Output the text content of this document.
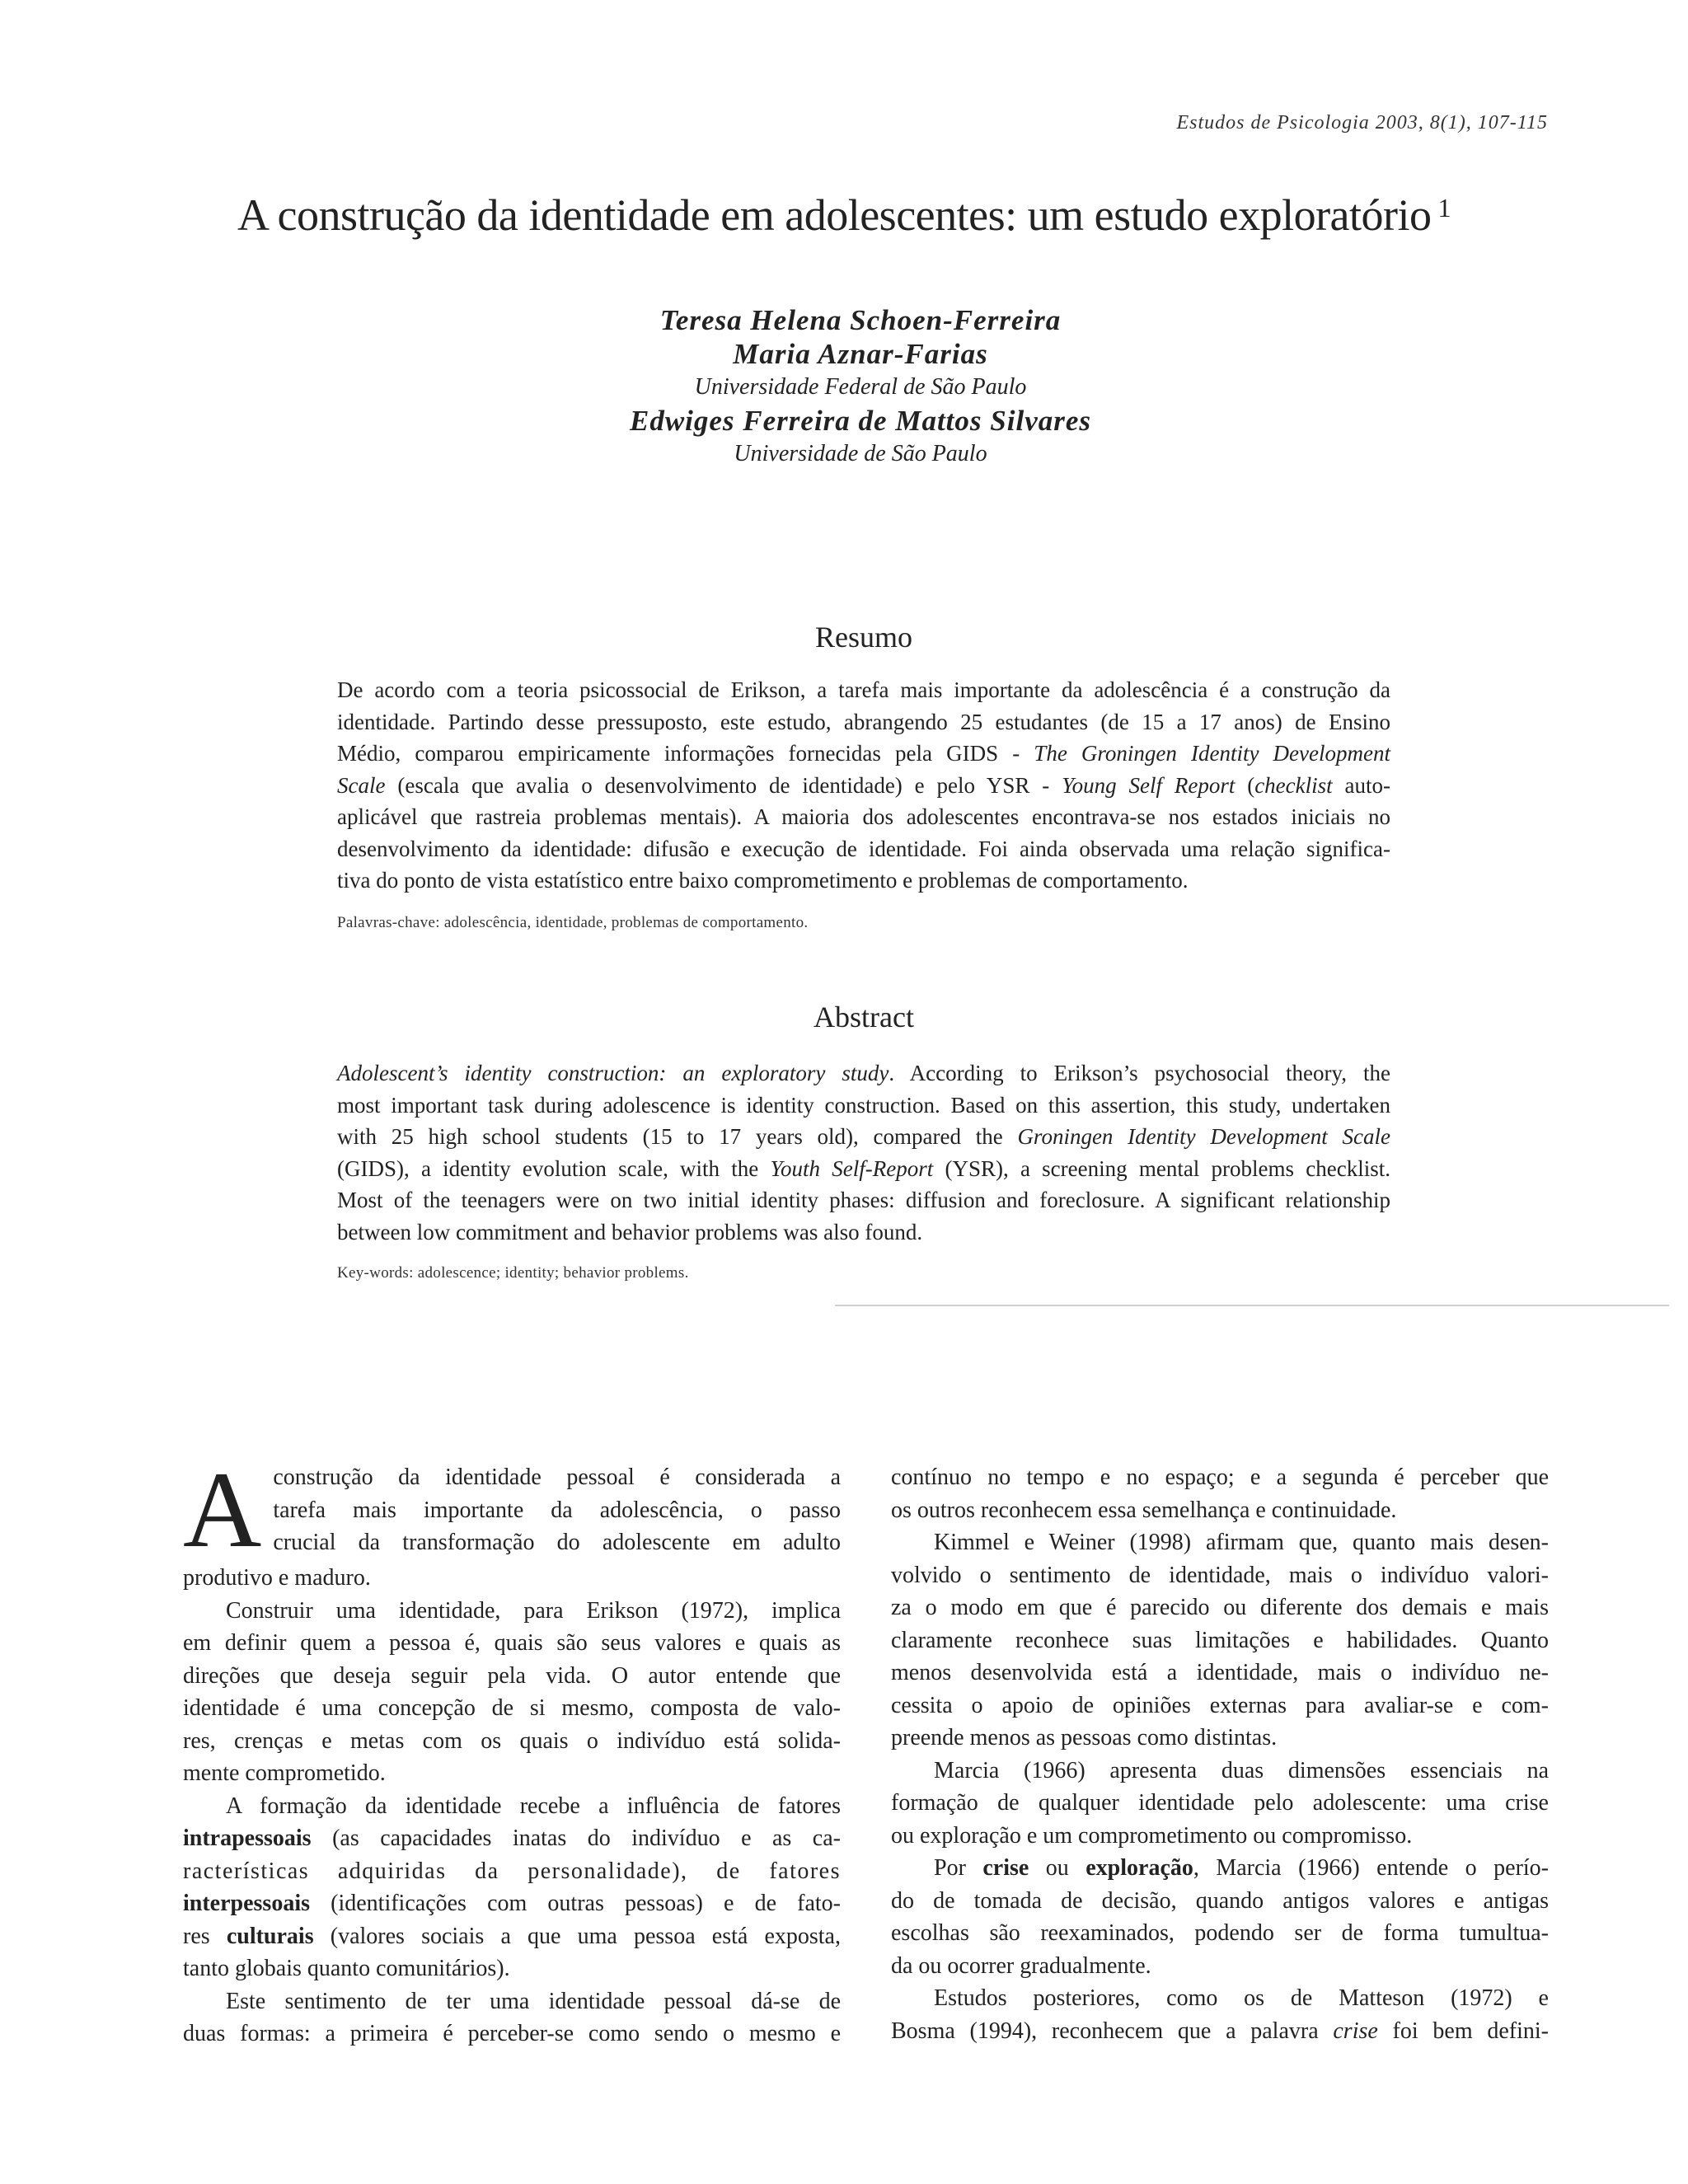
Estudos de Psicologia 2003, 8(1), 107-115
A construção da identidade em adolescentes: um estudo exploratório $^1$
Teresa Helena Schoen-Ferreira
Maria Aznar-Farias
Universidade Federal de São Paulo
Edwiges Ferreira de Mattos Silvares
Universidade de São Paulo
Resumo
De acordo com a teoria psicossocial de Erikson, a tarefa mais importante da adolescência é a construção da
identidade. Partindo desse pressuposto, este estudo, abrangendo 25 estudantes (de 15 a 17 anos) de Ensino
Médio, comparou empiricamente informações fornecidas pela GIDS - The Groningen Identity Development
Scale (escala que avalia o desenvolvimento de identidade) e pelo YSR - Young Self Report (checklist auto-
aplicável que rastreia problemas mentais). A maioria dos adolescentes encontrava-se nos estados iniciais no
desenvolvimento da identidade: difusão e execução de identidade. Foi ainda observada uma relação significa-
tiva do ponto de vista estatístico entre baixo comprometimento e problemas de comportamento.
Palavras-chave: adolescência, identidade, problemas de comportamento.
Abstract
Adolescent’s identity construction: an exploratory study. According to Erikson’s psychosocial theory, the
most important task during adolescence is identity construction. Based on this assertion, this study, undertaken
with 25 high school students (15 to 17 years old), compared the Groningen Identity Development Scale
(GIDS), a identity evolution scale, with the Youth Self-Report (YSR), a screening mental problems checklist.
Most of the teenagers were on two initial identity phases: diffusion and foreclosure. A significant relationship
between low commitment and behavior problems was also found.
Key-words: adolescence; identity; behavior problems.
A construção da identidade pessoal é considerada a
tarefa mais importante da adolescência, o passo
crucial da transformação do adolescente em adulto
produtivo e maduro.
Construir uma identidade, para Erikson (1972), implica
em definir quem a pessoa é, quais são seus valores e quais as
direções que deseja seguir pela vida. O autor entende que
identidade é uma concepção de si mesmo, composta de valo-
res, crenças e metas com os quais o indivíduo está solida-
mente comprometido.
A formação da identidade recebe a influência de fatores
intrapessoais (as capacidades inatas do indivíduo e as ca-
racterísticas adquiridas da personalidade), de fatores
interpessoais (identificações com outras pessoas) e de fato-
res culturais (valores sociais a que uma pessoa está exposta,
tanto globais quanto comunitários).
Este sentimento de ter uma identidade pessoal dá-se de
duas formas: a primeira é perceber-se como sendo o mesmo e
contínuo no tempo e no espaço; e a segunda é perceber que
os outros reconhecem essa semelhança e continuidade.
Kimmel e Weiner (1998) afirmam que, quanto mais desen-
volvido o sentimento de identidade, mais o indivíduo valori-
za o modo em que é parecido ou diferente dos demais e mais
claramente reconhece suas limitações e habilidades. Quanto
menos desenvolvida está a identidade, mais o indivíduo ne-
cessita o apoio de opiniões externas para avaliar-se e com-
preende menos as pessoas como distintas.
Marcia (1966) apresenta duas dimensões essenciais na
formação de qualquer identidade pelo adolescente: uma crise
ou exploração e um comprometimento ou compromisso.
Por crise ou exploração, Marcia (1966) entende o perío-
do de tomada de decisão, quando antigos valores e antigas
escolhas são reexaminados, podendo ser de forma tumultua-
da ou ocorrer gradualmente.
Estudos posteriores, como os de Matteson (1972) e
Bosma (1994), reconhecem que a palavra crise foi bem defini-
